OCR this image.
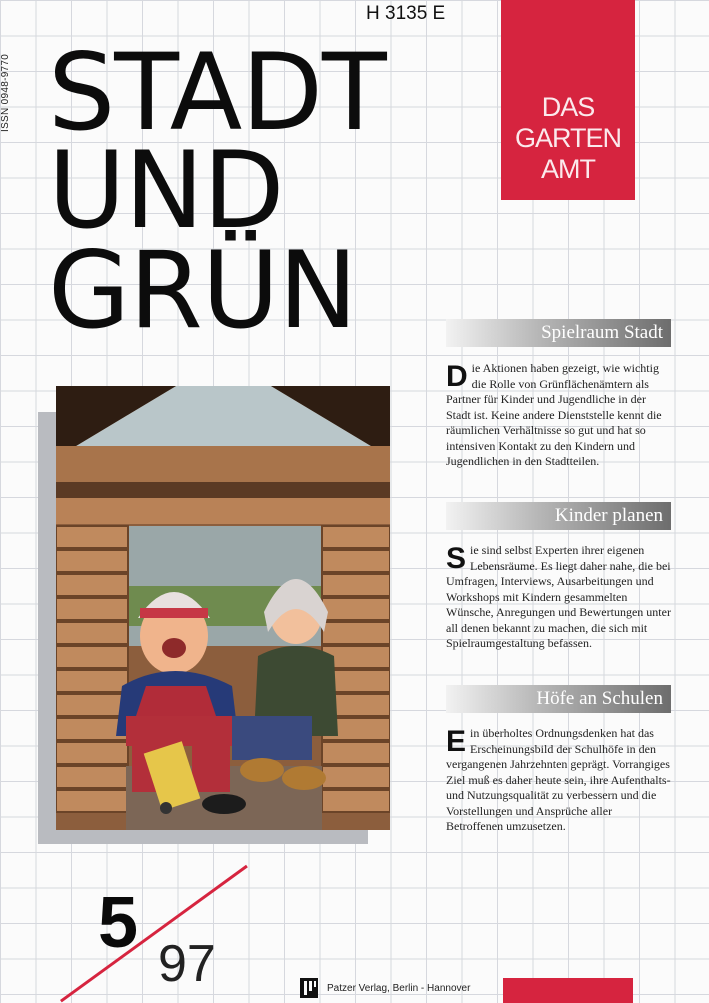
ISSN 0948-9770
H 3135 E
STADT
UND
GRÜN
DAS
GARTEN
AMT
Spielraum Stadt
Die Aktionen haben gezeigt, wie wichtig die Rolle von Grünflächenämtern als Partner für Kinder und Jugendliche in der Stadt ist. Keine andere Dienststelle kennt die räumlichen Verhältnisse so gut und hat so intensiven Kontakt zu den Kindern und Jugendlichen in den Stadtteilen.
Kinder planen
Sie sind selbst Experten ihrer eigenen Lebensräume. Es liegt daher nahe, die bei Umfragen, Interviews, Ausarbeitungen und Workshops mit Kindern gesammelten Wünsche, Anregungen und Bewertungen unter all denen bekannt zu machen, die sich mit Spielraumgestaltung befassen.
Höfe an Schulen
Ein überholtes Ordnungsdenken hat das Erscheinungsbild der Schulhöfe in den vergangenen Jahrzehnten geprägt. Vorrangiges Ziel muß es daher heute sein, ihre Aufenthalts- und Nutzungsqualität zu verbessern und die Vorstellungen und Ansprüche aller Betroffenen umzusetzen.
5
97	Patzer Verlag, Berlin - Hannover
